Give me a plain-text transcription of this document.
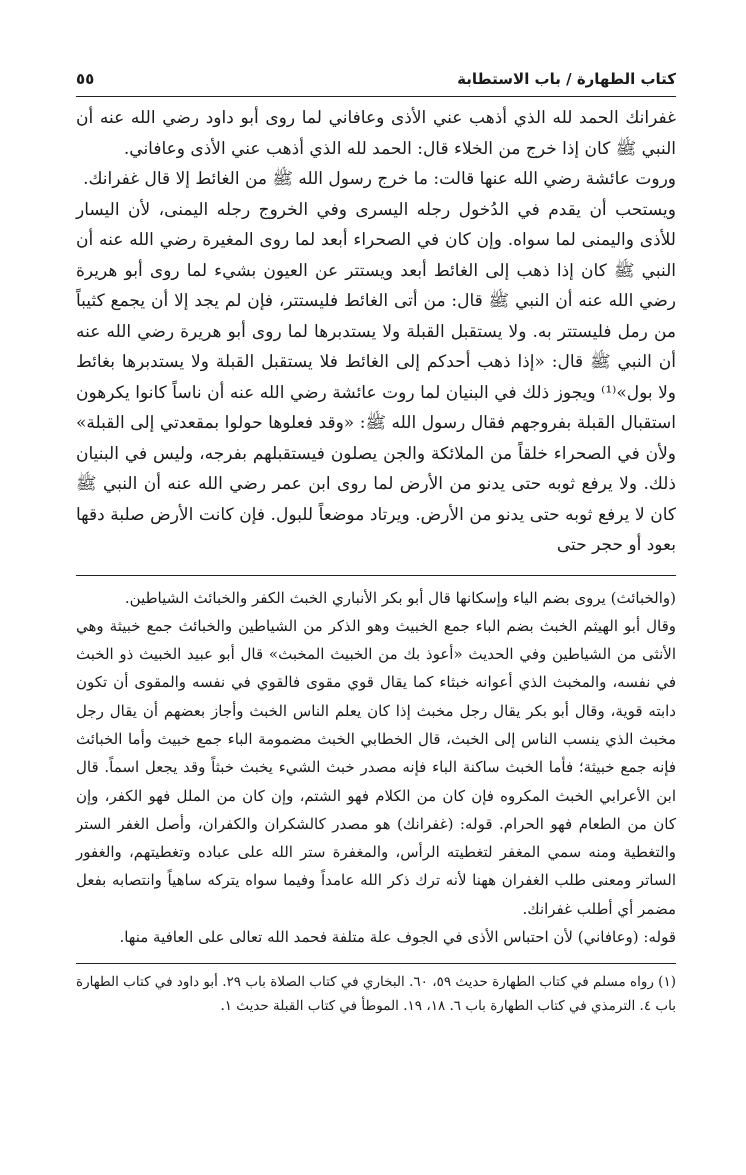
كتاب الطهارة / باب الاستطابة
٥٥

غفرانك الحمد لله الذي أذهب عني الأذى وعافاني لما روى أبو داود رضي الله عنه أن النبي ﷺ كان إذا خرج من الخلاء قال: الحمد لله الذي أذهب عني الأذى وعافاني.

وروت عائشة رضي الله عنها قالت: ما خرج رسول الله ﷺ من الغائط إلا قال غفرانك.

ويستحب أن يقدم في الدُخول رجله اليسرى وفي الخروج رجله اليمنى، لأن اليسار للأذى واليمنى لما سواه. وإن كان في الصحراء أبعد لما روى المغيرة رضي الله عنه أن النبي ﷺ كان إذا ذهب إلى الغائط أبعد ويستتر عن العيون بشيء لما روى أبو هريرة رضي الله عنه أن النبي ﷺ قال: من أتى الغائط فليستتر، فإن لم يجد إلا أن يجمع كثيباً من رمل فليستتر به. ولا يستقبل القبلة ولا يستدبرها لما روى أبو هريرة رضي الله عنه أن النبي ﷺ قال: «إذا ذهب أحدكم إلى الغائط فلا يستقبل القبلة ولا يستدبرها بغائط ولا بول»⁽¹⁾ ويجوز ذلك في البنيان لما روت عائشة رضي الله عنه أن ناساً كانوا يكرهون استقبال القبلة بفروجهم فقال رسول الله ﷺ: «وقد فعلوها حولوا بمقعدتي إلى القبلة» ولأن في الصحراء خلقاً من الملائكة والجن يصلون فيستقبلهم بفرجه، وليس في البنيان ذلك. ولا يرفع ثوبه حتى يدنو من الأرض لما روى ابن عمر رضي الله عنه أن النبي ﷺ كان لا يرفع ثوبه حتى يدنو من الأرض. ويرتاد موضعاً للبول. فإن كانت الأرض صلبة دقها بعود أو حجر حتى

(والخبائث) يروى بضم الياء وإسكانها قال أبو بكر الأنباري الخبث الكفر والخبائث الشياطين.

وقال أبو الهيثم الخبث بضم الباء جمع الخبيث وهو الذكر من الشياطين والخبائث جمع خبيثة وهي الأنثى من الشياطين وفي الحديث «أعوذ بك من الخبيث المخبث» قال أبو عبيد الخبيث ذو الخبث في نفسه، والمخبث الذي أعوانه خبثاء كما يقال قوي مقوى فالقوي في نفسه والمقوى أن تكون دابته قوية، وقال أبو بكر يقال رجل مخبث إذا كان يعلم الناس الخبث وأجاز بعضهم أن يقال رجل مخبث الذي ينسب الناس إلى الخبث، قال الخطابي الخبث مضمومة الباء جمع خبيث وأما الخبائث فإنه جمع خبيثة؛ فأما الخبث ساكنة الباء فإنه مصدر خبث الشيء يخبث خبثاً وقد يجعل اسماً. قال ابن الأعرابي الخبث المكروه فإن كان من الكلام فهو الشتم، وإن كان من الملل فهو الكفر، وإن كان من الطعام فهو الحرام. قوله: (غفرانك) هو مصدر كالشكران والكفران، وأصل الغفر الستر والتغطية ومنه سمي المغفر لتغطيته الرأس، والمغفرة ستر الله على عباده وتغطيتهم، والغفور الساتر ومعنى طلب الغفران ههنا لأنه ترك ذكر الله عامداً وفيما سواه يتركه ساهياً وانتصابه بفعل مضمر أي أطلب غفرانك.

قوله: (وعافاني) لأن احتباس الأذى في الجوف علة متلفة فحمد الله تعالى على العافية منها.

(١) رواه مسلم في كتاب الطهارة حديث ٥٩، ٦٠. البخاري في كتاب الصلاة باب ٢٩. أبو داود في كتاب الطهارة باب ٤. الترمذي في كتاب الطهارة باب ٦. ١٨، ١٩. الموطأ في كتاب القبلة حديث ١.
